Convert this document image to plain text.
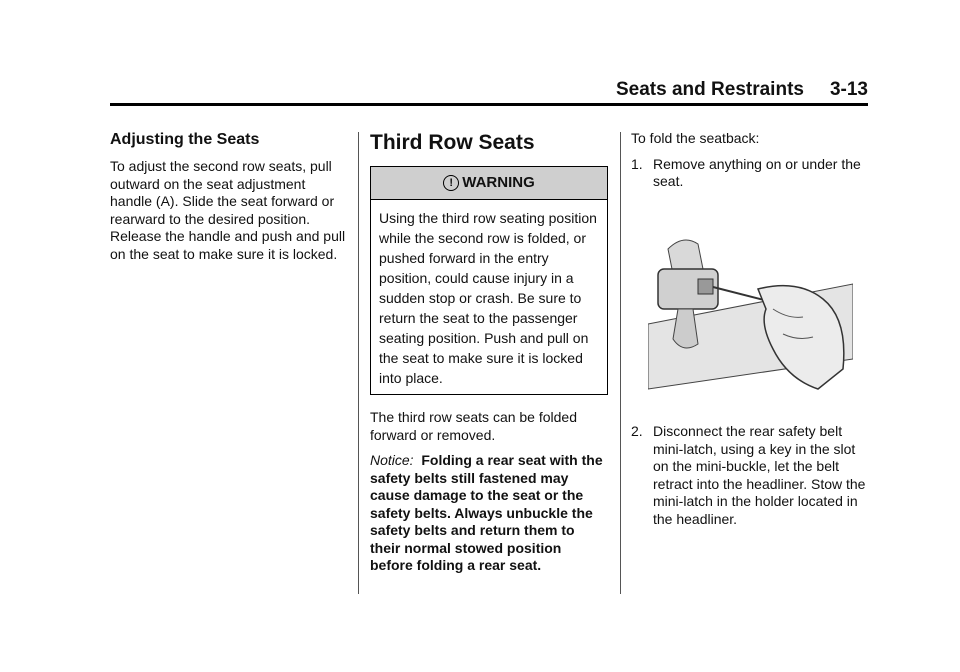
Seats and Restraints 3-13
Adjusting the Seats

To adjust the second row seats, pull outward on the seat adjustment handle (A). Slide the seat forward or rearward to the desired position. Release the handle and push and pull on the seat to make sure it is locked.

Third Row Seats
! WARNING
Using the third row seating position while the second row is folded, or pushed forward in the entry position, could cause injury in a sudden stop or crash. Be sure to return the seat to the passenger seating position. Push and pull on the seat to make sure it is locked into place.

The third row seats can be folded forward or removed.

Notice: Folding a rear seat with the safety belts still fastened may cause damage to the seat or the safety belts. Always unbuckle the safety belts and return them to their normal stowed position before folding a rear seat.

To fold the seatback:

1. Remove anything on or under the seat.
2. Disconnect the rear safety belt mini-latch, using a key in the slot on the mini-buckle, let the belt retract into the headliner. Stow the mini-latch in the holder located in the headliner.
